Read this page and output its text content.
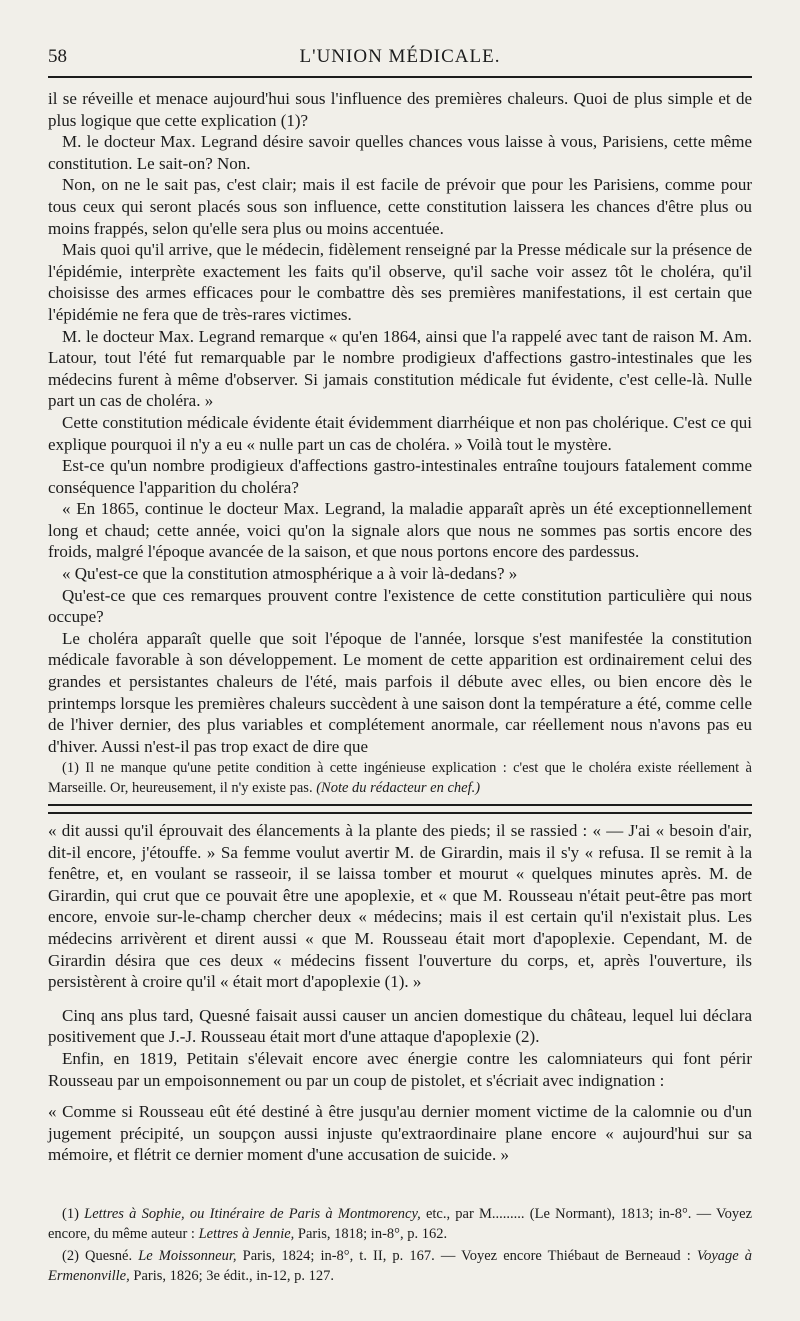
58	L'UNION MÉDICALE.

il se réveille et menace aujourd'hui sous l'influence des premières chaleurs. Quoi de plus simple et de plus logique que cette explication (1)?

M. le docteur Max. Legrand désire savoir quelles chances vous laisse à vous, Parisiens, cette même constitution. Le sait-on? Non.

Non, on ne le sait pas, c'est clair; mais il est facile de prévoir que pour les Parisiens, comme pour tous ceux qui seront placés sous son influence, cette constitution laissera les chances d'être plus ou moins frappés, selon qu'elle sera plus ou moins accentuée.

Mais quoi qu'il arrive, que le médecin, fidèlement renseigné par la Presse médicale sur la présence de l'épidémie, interprète exactement les faits qu'il observe, qu'il sache voir assez tôt le choléra, qu'il choisisse des armes efficaces pour le combattre dès ses premières manifestations, il est certain que l'épidémie ne fera que de très-rares victimes.

M. le docteur Max. Legrand remarque « qu'en 1864, ainsi que l'a rappelé avec tant de raison M. Am. Latour, tout l'été fut remarquable par le nombre prodigieux d'affections gastro-intestinales que les médecins furent à même d'observer. Si jamais constitution médicale fut évidente, c'est celle-là. Nulle part un cas de choléra. »

Cette constitution médicale évidente était évidemment diarrhéique et non pas cholérique. C'est ce qui explique pourquoi il n'y a eu « nulle part un cas de choléra. » Voilà tout le mystère.

Est-ce qu'un nombre prodigieux d'affections gastro-intestinales entraîne toujours fatalement comme conséquence l'apparition du choléra?

« En 1865, continue le docteur Max. Legrand, la maladie apparaît après un été exceptionnellement long et chaud; cette année, voici qu'on la signale alors que nous ne sommes pas sortis encore des froids, malgré l'époque avancée de la saison, et que nous portons encore des pardessus.

« Qu'est-ce que la constitution atmosphérique a à voir là-dedans? »

Qu'est-ce que ces remarques prouvent contre l'existence de cette constitution particulière qui nous occupe?

Le choléra apparaît quelle que soit l'époque de l'année, lorsque s'est manifestée la constitution médicale favorable à son développement. Le moment de cette apparition est ordinairement celui des grandes et persistantes chaleurs de l'été, mais parfois il débute avec elles, ou bien encore dès le printemps lorsque les premières chaleurs succèdent à une saison dont la température a été, comme celle de l'hiver dernier, des plus variables et complétement anormale, car réellement nous n'avons pas eu d'hiver. Aussi n'est-il pas trop exact de dire que

(1) Il ne manque qu'une petite condition à cette ingénieuse explication : c'est que le choléra existe réellement à Marseille. Or, heureusement, il n'y existe pas. (Note du rédacteur en chef.)

« dit aussi qu'il éprouvait des élancements à la plante des pieds; il se rassied : « — J'ai « besoin d'air, dit-il encore, j'étouffe. » Sa femme voulut avertir M. de Girardin, mais il s'y « refusa. Il se remit à la fenêtre, et, en voulant se rasseoir, il se laissa tomber et mourut « quelques minutes après. M. de Girardin, qui crut que ce pouvait être une apoplexie, et « que M. Rousseau n'était peut-être pas mort encore, envoie sur-le-champ chercher deux « médecins; mais il est certain qu'il n'existait plus. Les médecins arrivèrent et dirent aussi « que M. Rousseau était mort d'apoplexie. Cependant, M. de Girardin désira que ces deux « médecins fissent l'ouverture du corps, et, après l'ouverture, ils persistèrent à croire qu'il « était mort d'apoplexie (1). »

Cinq ans plus tard, Quesné faisait aussi causer un ancien domestique du château, lequel lui déclara positivement que J.-J. Rousseau était mort d'une attaque d'apoplexie (2).

Enfin, en 1819, Petitain s'élevait encore avec énergie contre les calomniateurs qui font périr Rousseau par un empoisonnement ou par un coup de pistolet, et s'écriait avec indignation :

« Comme si Rousseau eût été destiné à être jusqu'au dernier moment victime de la calomnie ou d'un jugement précipité, un soupçon aussi injuste qu'extraordinaire plane encore « aujourd'hui sur sa mémoire, et flétrit ce dernier moment d'une accusation de suicide. »

(1) Lettres à Sophie, ou Itinéraire de Paris à Montmorency, etc., par M......... (Le Normant), 1813; in-8°. — Voyez encore, du même auteur : Lettres à Jennie, Paris, 1818; in-8°, p. 162.

(2) Quesné. Le Moissonneur, Paris, 1824; in-8°, t. II, p. 167. — Voyez encore Thiébaut de Berneaud : Voyage à Ermenonville, Paris, 1826; 3e édit., in-12, p. 127.
